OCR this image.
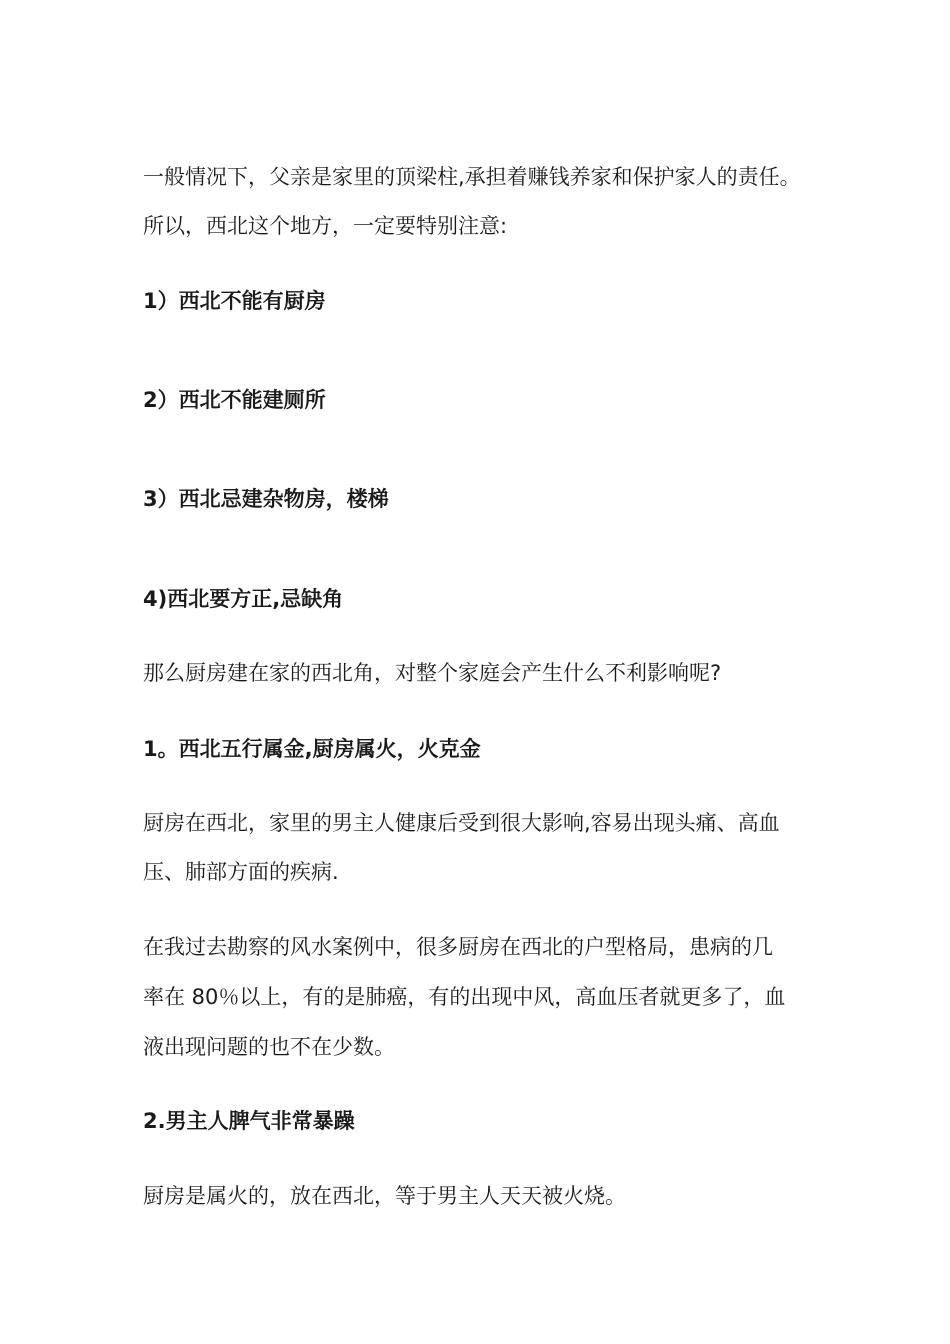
一般情况下，父亲是家里的顶梁柱,承担着赚钱养家和保护家人的责任。
所以，西北这个地方，一定要特别注意:
1）西北不能有厨房
2）西北不能建厕所
3）西北忌建杂物房，楼梯
4)西北要方正,忌缺角
那么厨房建在家的西北角，对整个家庭会产生什么不利影响呢?
1。西北五行属金,厨房属火，火克金
厨房在西北，家里的男主人健康后受到很大影响,容易出现头痛、高血
压、肺部方面的疾病.
在我过去勘察的风水案例中，很多厨房在西北的户型格局，患病的几
率在 80％以上，有的是肺癌，有的出现中风，高血压者就更多了，血
液出现问题的也不在少数。
2.男主人脾气非常暴躁
厨房是属火的，放在西北，等于男主人天天被火烧。
